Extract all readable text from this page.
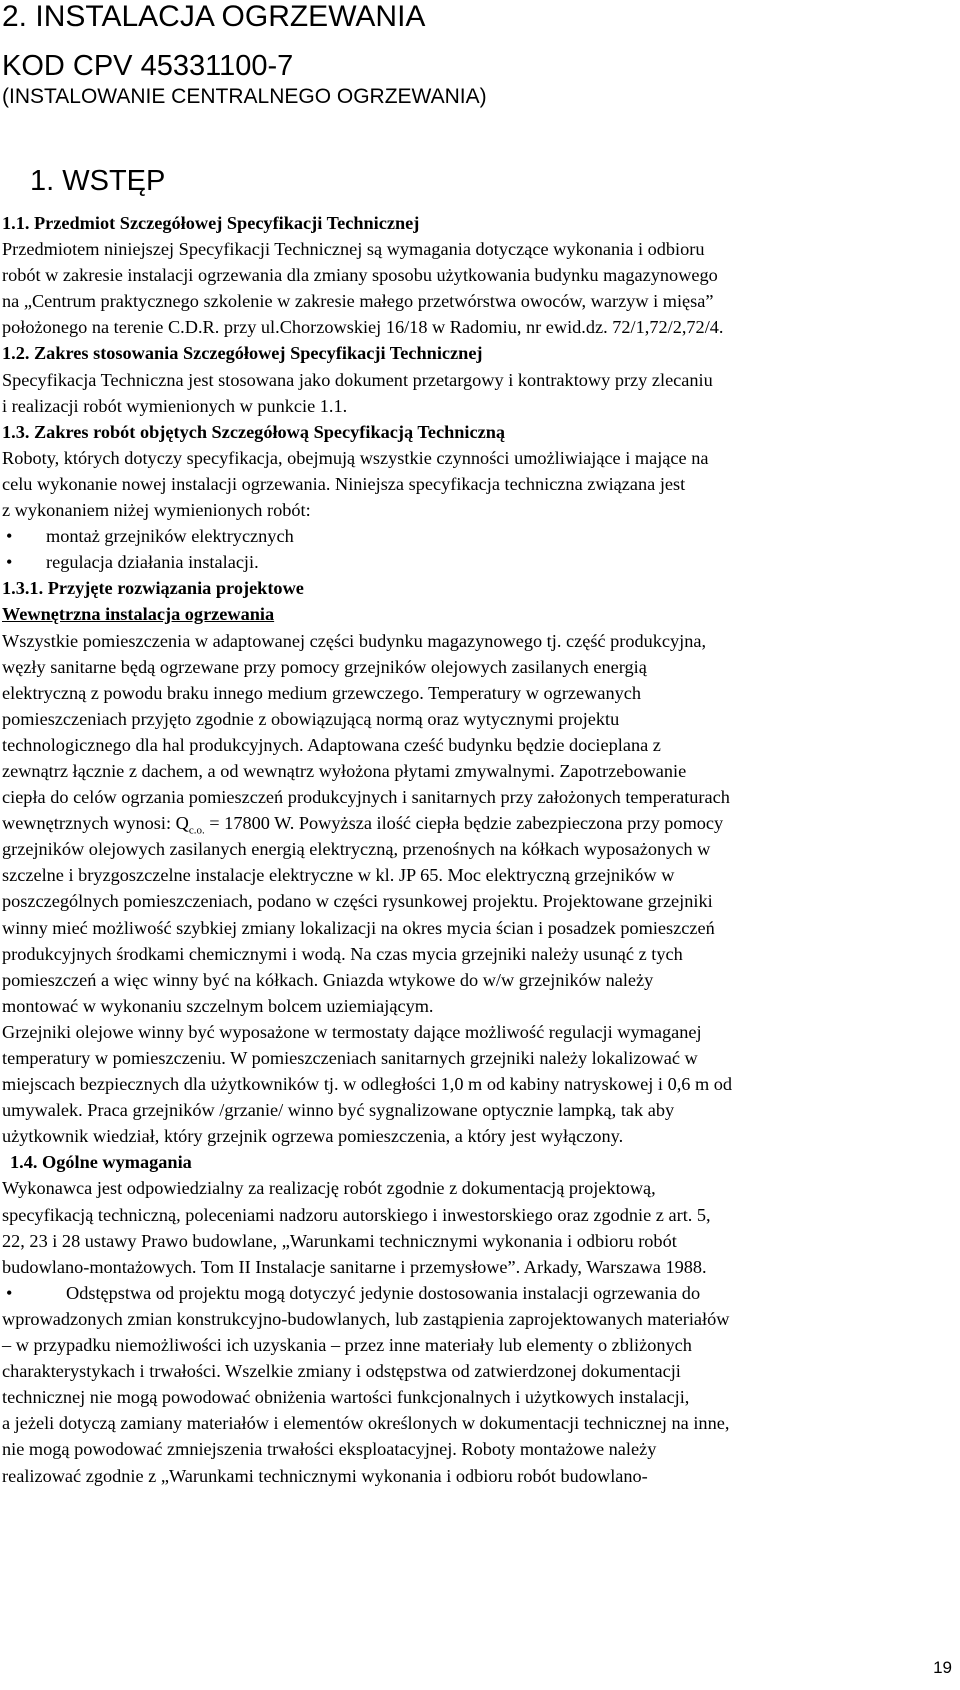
2. INSTALACJA OGRZEWANIA
KOD CPV 45331100-7
(INSTALOWANIE CENTRALNEGO OGRZEWANIA)
1. WSTĘP
1.1. Przedmiot Szczegółowej Specyfikacji Technicznej
Przedmiotem niniejszej Specyfikacji Technicznej są wymagania dotyczące wykonania i odbioru
robót w zakresie instalacji ogrzewania dla zmiany sposobu użytkowania budynku magazynowego
na „Centrum praktycznego szkolenie w zakresie małego przetwórstwa owoców, warzyw i mięsa”
położonego na terenie C.D.R. przy ul.Chorzowskiej 16/18 w Radomiu, nr ewid.dz. 72/1,72/2,72/4.
1.2. Zakres stosowania Szczegółowej Specyfikacji Technicznej
Specyfikacja Techniczna jest stosowana jako dokument przetargowy i kontraktowy przy zlecaniu
i realizacji robót wymienionych w punkcie 1.1.
1.3. Zakres robót objętych Szczegółową Specyfikacją Techniczną
Roboty, których dotyczy specyfikacja, obejmują wszystkie czynności umożliwiające i mające na
celu wykonanie nowej instalacji ogrzewania. Niniejsza specyfikacja techniczna związana jest
z wykonaniem niżej wymienionych robót:
• montaż grzejników elektrycznych
• regulacja działania instalacji.
1.3.1. Przyjęte rozwiązania projektowe
Wewnętrzna instalacja ogrzewania
Wszystkie pomieszczenia w adaptowanej części budynku magazynowego tj. część produkcyjna,
węzły sanitarne będą ogrzewane przy pomocy grzejników olejowych zasilanych energią
elektryczną z powodu braku innego medium grzewczego. Temperatury w ogrzewanych
pomieszczeniach przyjęto zgodnie z obowiązującą normą oraz wytycznymi projektu
technologicznego dla hal produkcyjnych. Adaptowana cześć budynku będzie docieplana z
zewnątrz łącznie z dachem, a od wewnątrz wyłożona płytami zmywalnymi. Zapotrzebowanie
ciepła do celów ogrzania pomieszczeń produkcyjnych i sanitarnych przy założonych temperaturach
wewnętrznych wynosi: $Q_{c.o.} = 17800$ W. Powyższa ilość ciepła będzie zabezpieczona przy pomocy
grzejników olejowych zasilanych energią elektryczną, przenośnych na kółkach wyposażonych w
szczelne i bryzgoszczelne instalacje elektryczne w kl. JP 65. Moc elektryczną grzejników w
poszczególnych pomieszczeniach, podano w części rysunkowej projektu. Projektowane grzejniki
winny mieć możliwość szybkiej zmiany lokalizacji na okres mycia ścian i posadzek pomieszczeń
produkcyjnych środkami chemicznymi i wodą. Na czas mycia grzejniki należy usunąć z tych
pomieszczeń a więc winny być na kółkach. Gniazda wtykowe do w/w grzejników należy
montować w wykonaniu szczelnym bolcem uziemiającym.
Grzejniki olejowe winny być wyposażone w termostaty dające możliwość regulacji wymaganej
temperatury w pomieszczeniu. W pomieszczeniach sanitarnych grzejniki należy lokalizować w
miejscach bezpiecznych dla użytkowników tj. w odległości 1,0 m od kabiny natryskowej i 0,6 m od
umywalek. Praca grzejników /grzanie/ winno być sygnalizowane optycznie lampką, tak aby
użytkownik wiedział, który grzejnik ogrzewa pomieszczenia, a który jest wyłączony.
1.4. Ogólne wymagania
Wykonawca jest odpowiedzialny za realizację robót zgodnie z dokumentacją projektową,
specyfikacją techniczną, poleceniami nadzoru autorskiego i inwestorskiego oraz zgodnie z art. 5,
22, 23 i 28 ustawy Prawo budowlane, „Warunkami technicznymi wykonania i odbioru robót
budowlano-montażowych. Tom II Instalacje sanitarne i przemysłowe”. Arkady, Warszawa 1988.
•	Odstępstwa od projektu mogą dotyczyć jedynie dostosowania instalacji ogrzewania do
wprowadzonych zmian konstrukcyjno-budowlanych, lub zastąpienia zaprojektowanych materiałów
– w przypadku niemożliwości ich uzyskania – przez inne materiały lub elementy o zbliżonych
charakterystykach i trwałości. Wszelkie zmiany i odstępstwa od zatwierdzonej dokumentacji
technicznej nie mogą powodować obniżenia wartości funkcjonalnych i użytkowych instalacji,
a jeżeli dotyczą zamiany materiałów i elementów określonych w dokumentacji technicznej na inne,
nie mogą powodować zmniejszenia trwałości eksploatacyjnej. Roboty montażowe należy
realizować zgodnie z „Warunkami technicznymi wykonania i odbioru robót budowlano-
19
